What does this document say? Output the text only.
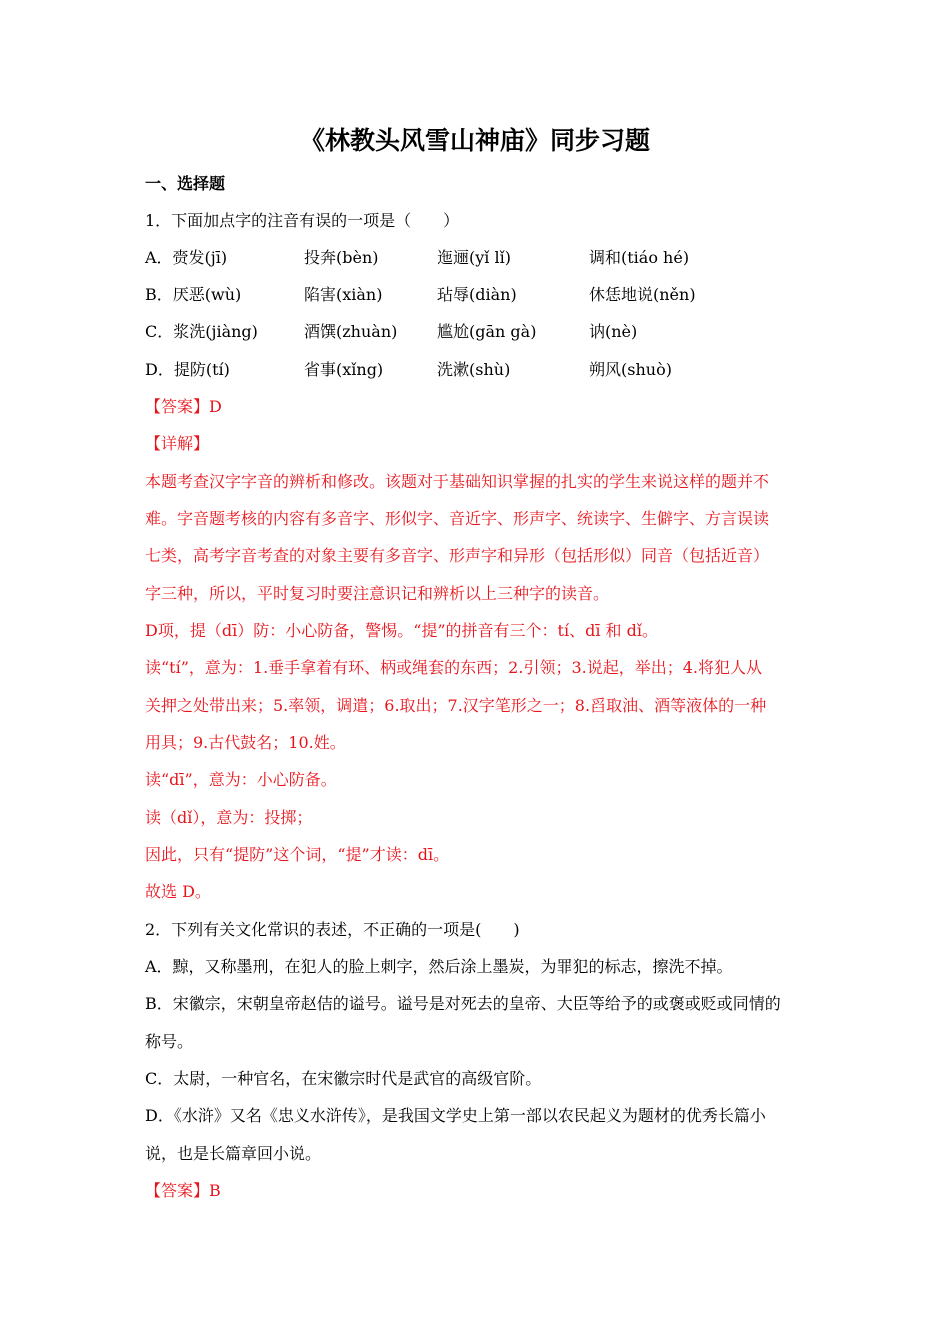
《林教头风雪山神庙》同步习题
一、选择题
1．下面加点字的注音有误的一项是（　　）
A．赍发(jī)	投奔(bèn)	迤逦(yǐ lǐ)	调和(tiáo hé)
B．厌恶(wù)	陷害(xiàn)	玷辱(diàn)	休恁地说(něn)
C．浆洗(jiàng)	酒馔(zhuàn) 尴尬(gān gà)	讷(nè)
D．提防(tí)	省事(xǐng)	洗漱(shù)	朔风(shuò)
【答案】D
【详解】
本题考查汉字字音的辨析和修改。该题对于基础知识掌握的扎实的学生来说这样的题并不
难。字音题考核的内容有多音字、形似字、音近字、形声字、统读字、生僻字、方言误读
七类，高考字音考查的对象主要有多音字、形声字和异形（包括形似）同音（包括近音）
字三种，所以，平时复习时要注意识记和辨析以上三种字的读音。
D项，提（dī）防：小心防备，警惕。“提”的拼音有三个：tí、dī 和 dǐ。
读“tí”，意为：1.垂手拿着有环、柄或绳套的东西；2.引领；3.说起，举出；4.将犯人从
关押之处带出来；5.率领，调遣；6.取出；7.汉字笔形之一；8.舀取油、酒等液体的一种
用具；9.古代鼓名；10.姓。
读“dī”，意为：小心防备。
读（dǐ），意为：投掷；
因此，只有“提防”这个词，“提”才读：dī。
故选 D。
2．下列有关文化常识的表述，不正确的一项是(　　)
A．黥，又称墨刑，在犯人的脸上刺字，然后涂上墨炭，为罪犯的标志，擦洗不掉。
B．宋徽宗，宋朝皇帝赵佶的谥号。谥号是对死去的皇帝、大臣等给予的或褒或贬或同情的
称号。
C．太尉，一种官名，在宋徽宗时代是武官的高级官阶。
D．《水浒》又名《忠义水浒传》，是我国文学史上第一部以农民起义为题材的优秀长篇小
说，也是长篇章回小说。
【答案】B
